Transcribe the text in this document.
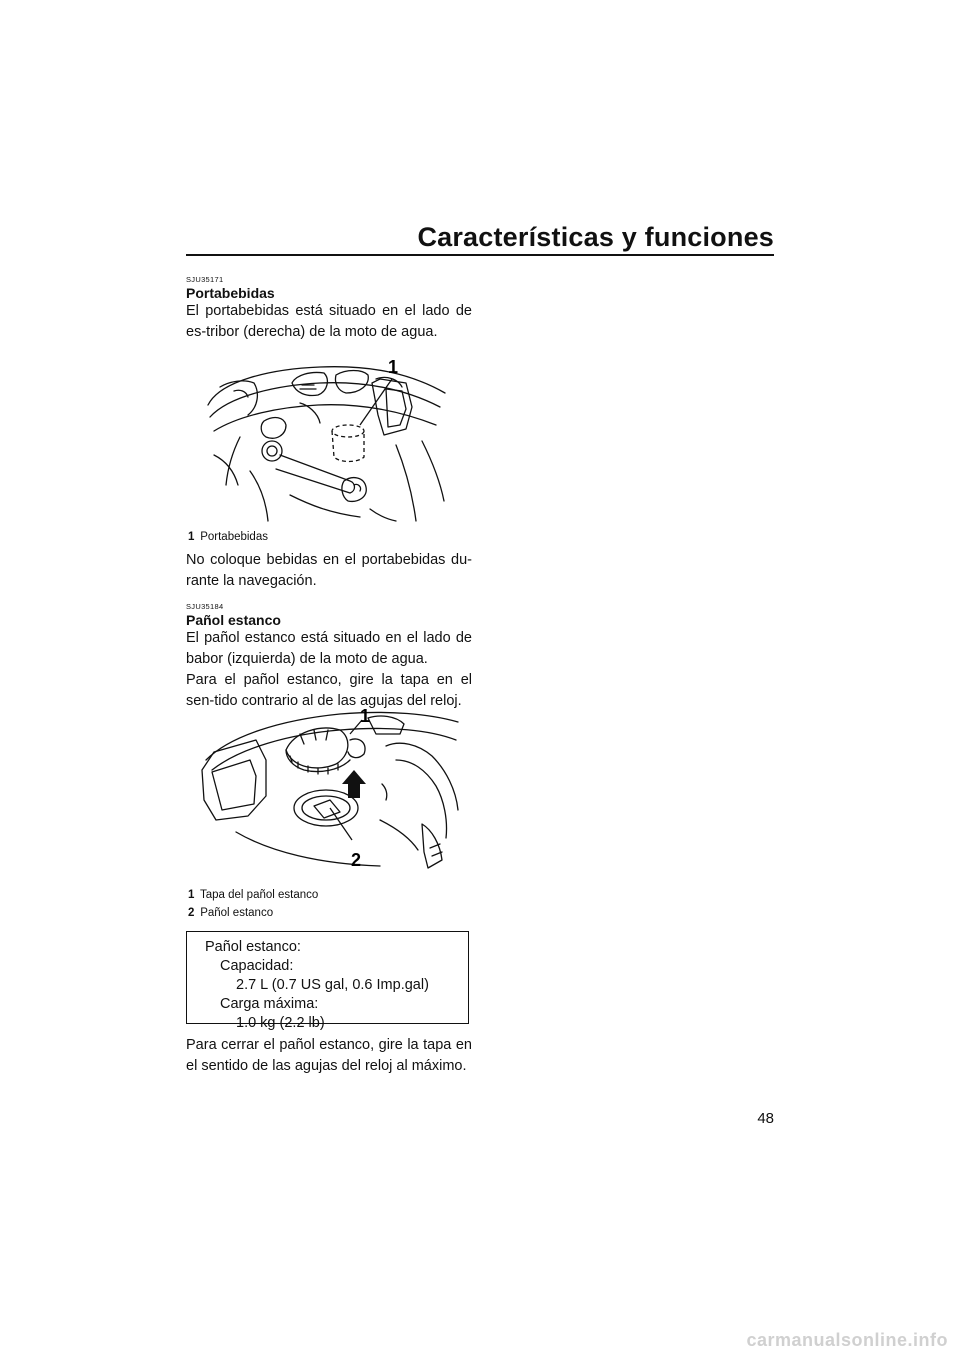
Características y funciones
SJU35171
Portabebidas
El portabebidas está situado en el lado de es-tribor (derecha) de la moto de agua.
1
1 Portabebidas
No coloque bebidas en el portabebidas du-rante la navegación.
SJU35184
Pañol estanco
El pañol estanco está situado en el lado de babor (izquierda) de la moto de agua.
Para el pañol estanco, gire la tapa en el sen-tido contrario al de las agujas del reloj.
1
2
1 Tapa del pañol estanco
2 Pañol estanco
Pañol estanco:
Capacidad:
2.7 L (0.7 US gal, 0.6 Imp.gal)
Carga máxima:
1.0 kg (2.2 lb)
Para cerrar el pañol estanco, gire la tapa en el sentido de las agujas del reloj al máximo.
48
carmanualsonline.info
